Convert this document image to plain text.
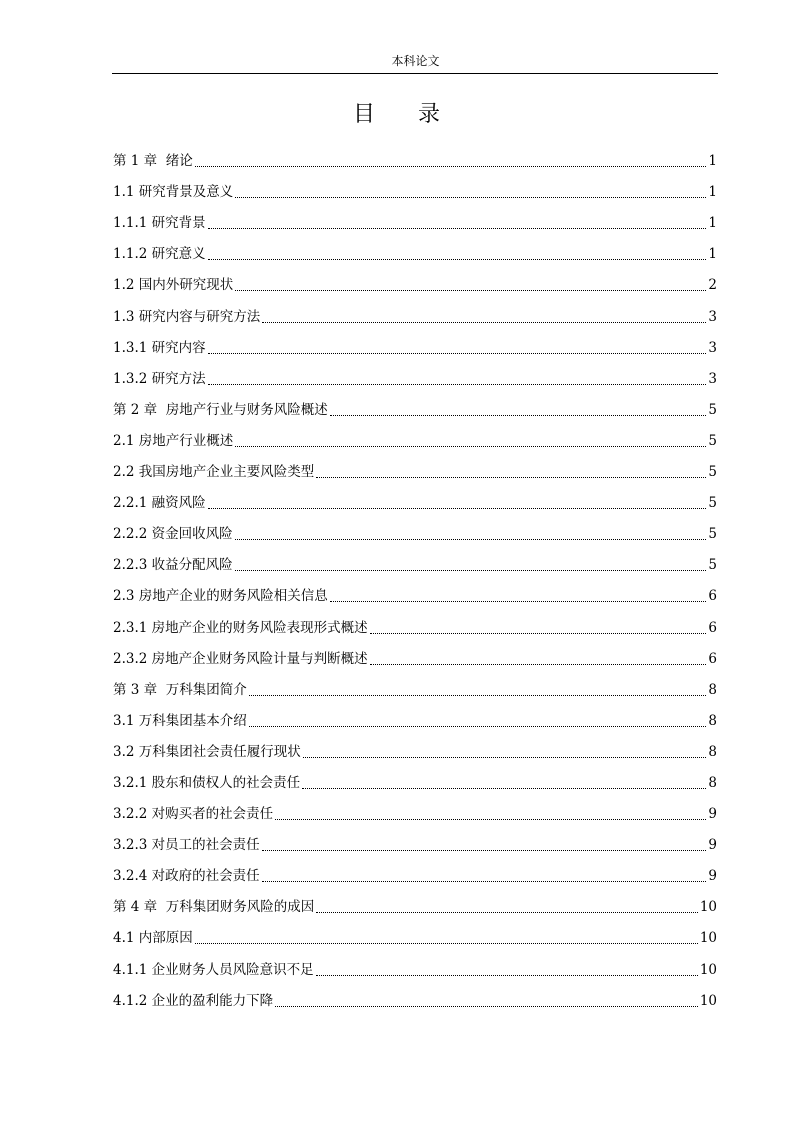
本科论文
目 录
第 1 章  绪论	1
1.1 研究背景及意义	1
1.1.1 研究背景	1
1.1.2 研究意义	1
1.2 国内外研究现状	2
1.3 研究内容与研究方法	3
1.3.1 研究内容	3
1.3.2 研究方法	3
第 2 章  房地产行业与财务风险概述	5
2.1 房地产行业概述	5
2.2 我国房地产企业主要风险类型	5
2.2.1 融资风险	5
2.2.2 资金回收风险	5
2.2.3 收益分配风险	5
2.3 房地产企业的财务风险相关信息	6
2.3.1 房地产企业的财务风险表现形式概述	6
2.3.2 房地产企业财务风险计量与判断概述	6
第 3 章  万科集团简介	8
3.1 万科集团基本介绍	8
3.2 万科集团社会责任履行现状	8
3.2.1 股东和债权人的社会责任	8
3.2.2 对购买者的社会责任	9
3.2.3 对员工的社会责任	9
3.2.4 对政府的社会责任	9
第 4 章  万科集团财务风险的成因	10
4.1 内部原因	10
4.1.1 企业财务人员风险意识不足	10
4.1.2 企业的盈利能力下降	10
